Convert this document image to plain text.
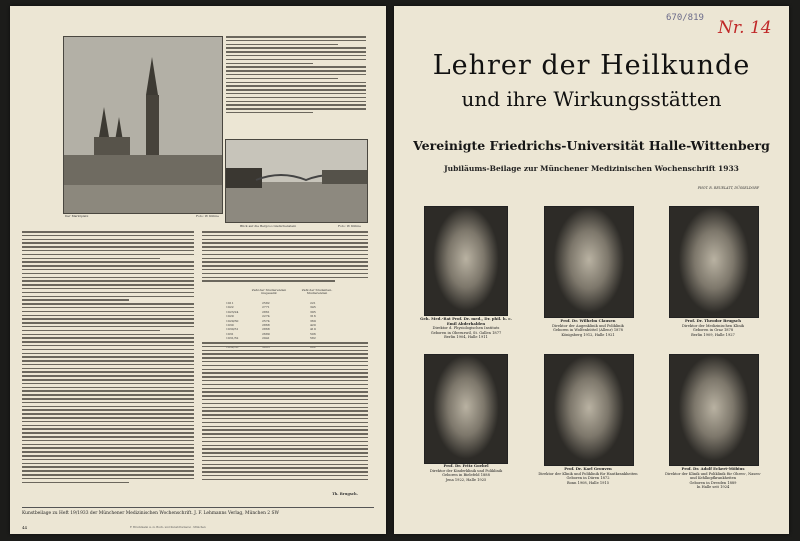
Der Marktplatz	Foto: W. Kühne
Blick auf die Bergzoo Giebichenstein	Foto: W. Kühne
Zahl der Studierenden insgesamt
Zahl der Studenten-Studierenden
1911	2582	221
1922	2771	345
1923/24	2861	395
1929	2274	316
1929/30	2574	369
1930	2868	420
1930/31	2868	419
1931	2689	506
1931/32	2941	582
Th. Brugsch.
Kunstbeilage zu Heft 19/1933 der Münchener Medizinischen Wochenschrift. J. F. Lehmanns Verlag, München 2 SW
44	F. Bruckmann A.-G. Buch- und Kunstdruckerei · München
670/819 Nr. 14
Lehrer der Heilkunde
und ihre Wirkungsstätten
Vereinigte Friedrichs-Universität Halle-Wittenberg
Jubiläums-Beilage zur Münchener Medizinischen Wochenschrift 1933
PHOT. R. REUELATT, DÜSSELDORF
Geh. Med.-Rat Prof. Dr. med., Dr. phil. h. c. Emil Abderhalden
Direktor d. Physiologischen Instituts
Geboren in Oberuzwil, St. Gallen 1877
Berlin 1904, Halle 1911
Prof. Dr. Wilhelm Clausen
Direktor der Augenklinik und Poliklinik
Geboren in Wolfenbüttel (Allenr) 1878
Königsberg 1912, Halle 1921
Prof. Dr. Theodor Brugsch
Direktor der Medizinischen Klinik
Geboren in Graz 1878
Berlin 1909, Halle 1927
Prof. Dr. Fritz Goebel
Direktor der Kinderklinik und Poliklinik
Geboren in Bielefeld 1888
Jena 1922, Halle 1925
Prof. Dr. Karl Grouven
Direktor der Klinik und Poliklinik für Hautkrankheiten
Geboren in Düren 1872
Bonn 1908, Halle 1915
Prof. Dr. Adolf Eckert-Möbius
Direktor der Klinik und Poliklinik für Ohren-, Nasen- und Kehlkopfkrankheiten
Geboren in Dresden 1889
In Halle seit 1924
